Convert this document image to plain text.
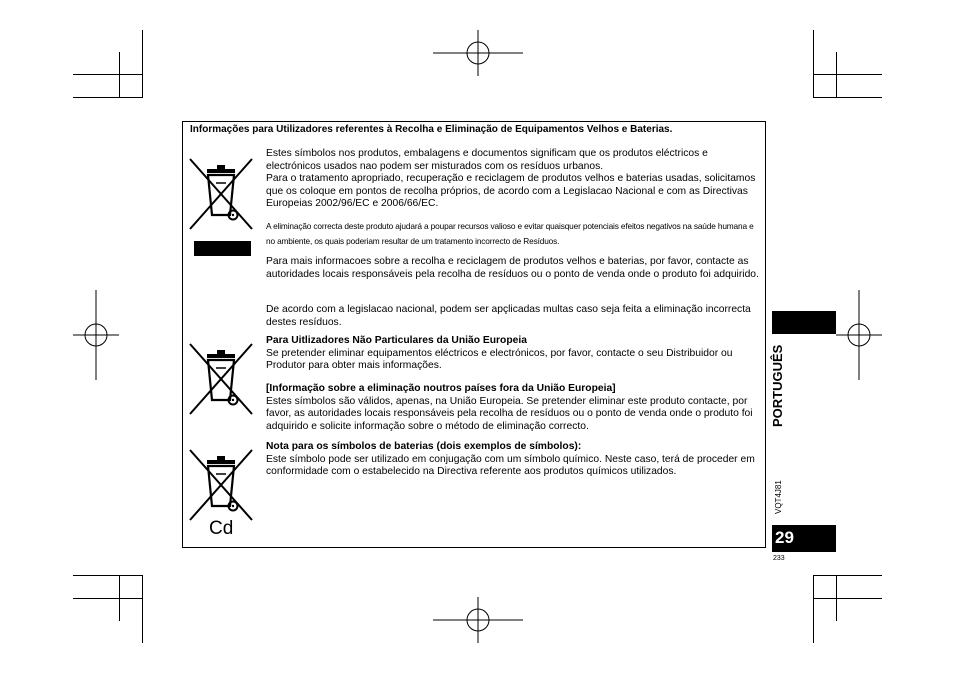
Informações para Utilizadores referentes à Recolha e Eliminação de Equipamentos Velhos e Baterias.
Cd
Estes símbolos nos produtos, embalagens e documentos significam que os produtos eléctricos e electrónicos usados nao podem ser misturados com os resíduos urbanos.
Para o tratamento apropriado, recuperação e reciclagem de produtos velhos e baterias usadas, solicitamos que os coloque em pontos de recolha próprios, de acordo com a Legislacao Nacional e com as Directivas Europeias 2002/96/EC e 2006/66/EC.
A eliminação correcta deste produto ajudará a poupar recursos valioso e evitar quaisquer potenciais efeitos negativos na saúde humana e no ambiente, os quais poderiam resultar de um tratamento incorrecto de Resíduos.
Para mais informacoes sobre a recolha e reciclagem de produtos velhos e baterias, por favor, contacte as autoridades locais responsáveis pela recolha de resíduos ou o ponto de venda onde o produto foi adquirido.
De acordo com a legislacao nacional, podem ser apçlicadas multas caso seja feita a eliminação incorrecta destes resíduos.
Para Uitlizadores Não Particulares da União Europeia
Se pretender eliminar equipamentos eléctricos e electrónicos, por favor, contacte o seu Distribuidor ou Produtor para obter mais informações.
[Informação sobre a eliminação noutros países fora da União Europeia]
Estes símbolos são válidos, apenas, na União Europeia. Se pretender eliminar este produto contacte, por favor, as autoridades locais responsáveis pela recolha de resíduos ou o ponto de venda onde o produto foi adquirido e solicite informação sobre o método de eliminação correcto.
Nota para os símbolos de baterias (dois exemplos de símbolos):
Este símbolo pode ser utilizado em conjugação com um símbolo químico. Neste caso, terá de proceder em conformidade com o estabelecido na Directiva referente aos produtos químicos utilizados.
PORTUGUÊS
VQT4J81
29
233
